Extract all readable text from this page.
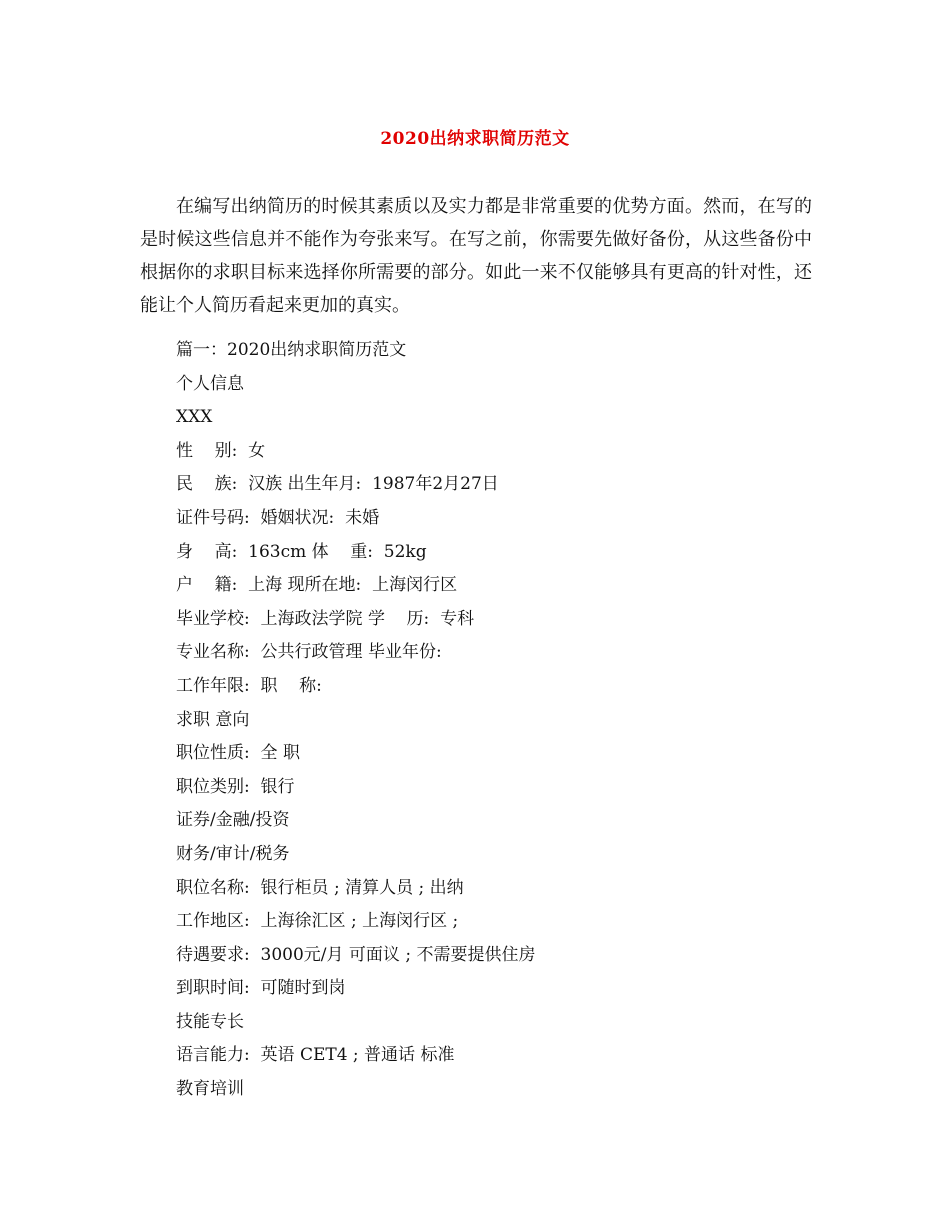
2020出纳求职简历范文

在编写出纳简历的时候其素质以及实力都是非常重要的优势方面。然而，在写的是时候这些信息并不能作为夸张来写。在写之前，你需要先做好备份，从这些备份中根据你的求职目标来选择你所需要的部分。如此一来不仅能够具有更高的针对性，还能让个人简历看起来更加的真实。

篇一：2020出纳求职简历范文
个人信息
XXX
性    别:  女
民    族:  汉族 出生年月:  1987年2月27日
证件号码:  婚姻状况:  未婚
身    高:  163cm 体    重:  52kg
户    籍:  上海 现所在地:  上海闵行区
毕业学校:  上海政法学院 学    历:  专科
专业名称:  公共行政管理 毕业年份:
工作年限:  职    称:
求职 意向
职位性质:  全 职
职位类别:  银行
证券/金融/投资
财务/审计/税务
职位名称:  银行柜员 ; 清算人员 ; 出纳
工作地区:  上海徐汇区 ; 上海闵行区 ;
待遇要求:  3000元/月 可面议 ; 不需要提供住房
到职时间:  可随时到岗
技能专长
语言能力:  英语 CET4 ; 普通话 标准
教育培训
